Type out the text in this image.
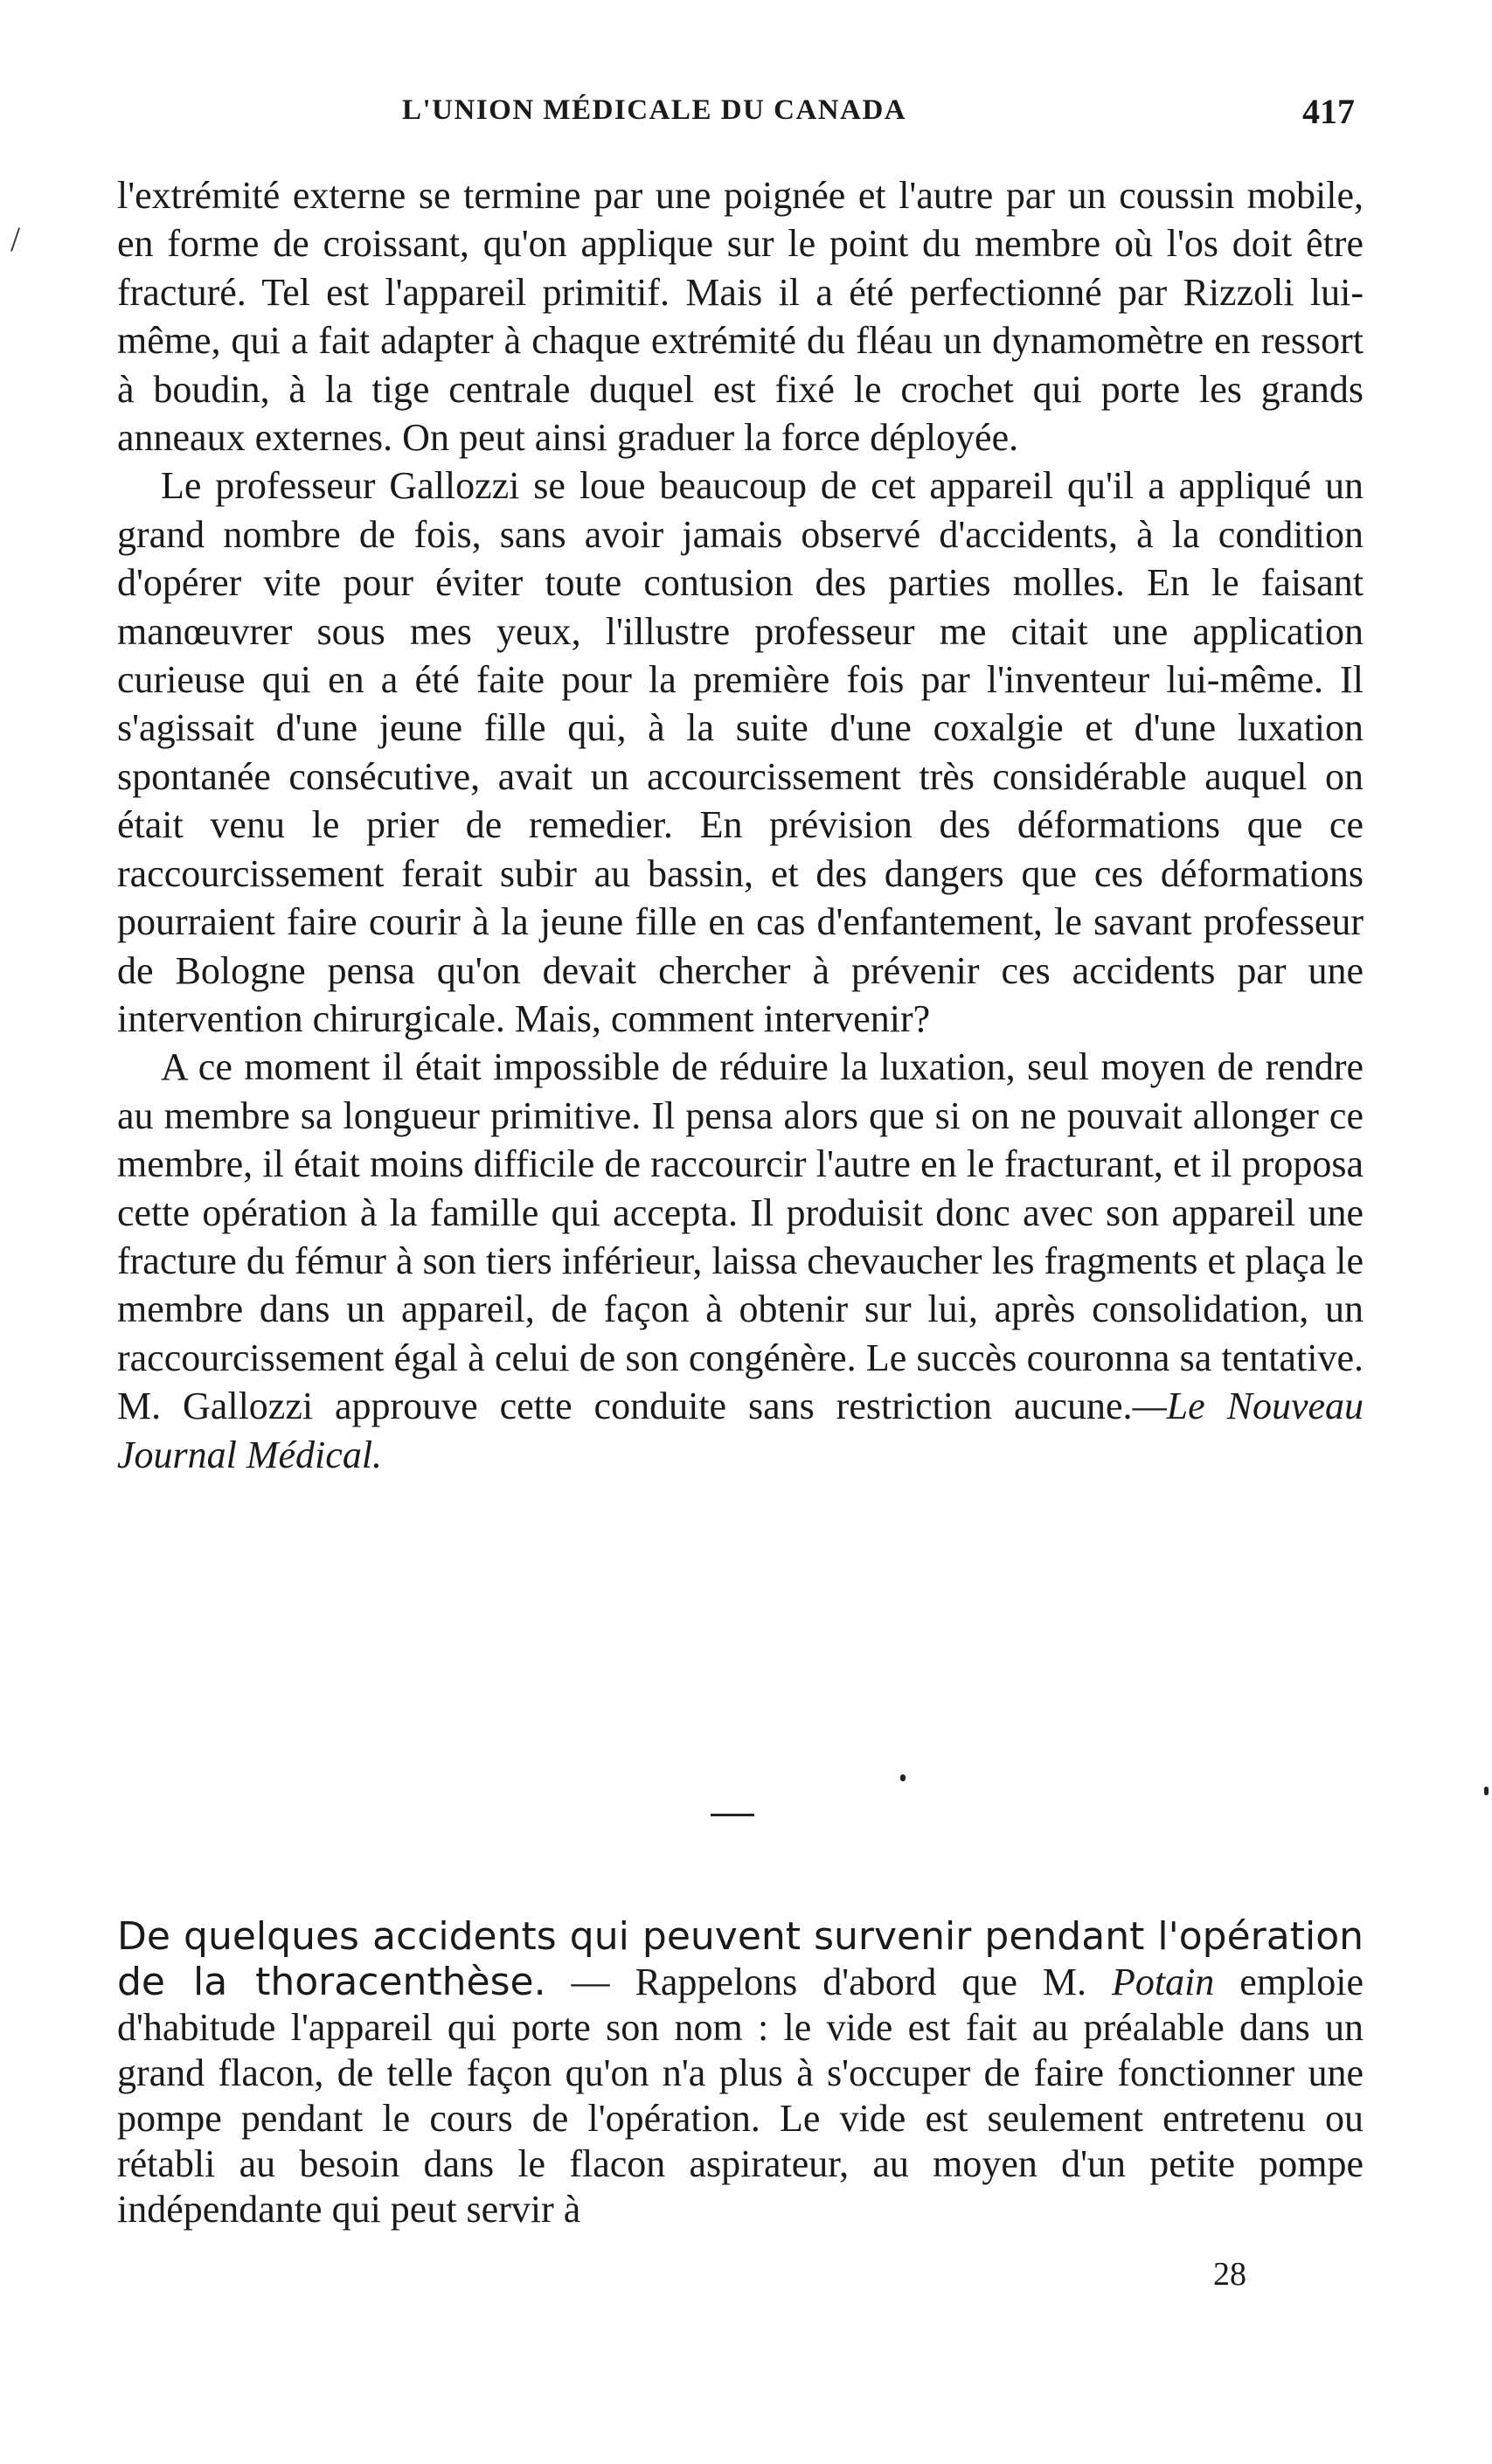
L'UNION MÉDICALE DU CANADA	417
/

l'extrémité externe se termine par une poignée et l'autre par un coussin mobile, en forme de croissant, qu'on applique sur le point du membre où l'os doit être fracturé. Tel est l'appareil primitif. Mais il a été perfectionné par Rizzoli lui-même, qui a fait adapter à chaque extrémité du fléau un dynamomètre en ressort à boudin, à la tige centrale duquel est fixé le crochet qui porte les grands anneaux externes. On peut ainsi graduer la force déployée.

Le professeur Gallozzi se loue beaucoup de cet appareil qu'il a appliqué un grand nombre de fois, sans avoir jamais observé d'accidents, à la condition d'opérer vite pour éviter toute contusion des parties molles. En le faisant manœuvrer sous mes yeux, l'illustre professeur me citait une application curieuse qui en a été faite pour la première fois par l'inventeur lui-même. Il s'agissait d'une jeune fille qui, à la suite d'une coxalgie et d'une luxation spontanée consécutive, avait un accourcissement très considérable auquel on était venu le prier de remedier. En prévision des déformations que ce raccourcissement ferait subir au bassin, et des dangers que ces déformations pourraient faire courir à la jeune fille en cas d'enfantement, le savant professeur de Bologne pensa qu'on devait chercher à prévenir ces accidents par une intervention chirurgicale. Mais, comment intervenir?

A ce moment il était impossible de réduire la luxation, seul moyen de rendre au membre sa longueur primitive. Il pensa alors que si on ne pouvait allonger ce membre, il était moins difficile de raccourcir l'autre en le fracturant, et il proposa cette opération à la famille qui accepta. Il produisit donc avec son appareil une fracture du fémur à son tiers inférieur, laissa chevaucher les fragments et plaça le membre dans un appareil, de façon à obtenir sur lui, après consolidation, un raccourcissement égal à celui de son congénère. Le succès couronna sa tentative. M. Gallozzi approuve cette conduite sans restriction aucune.—Le Nouveau Journal Médical.

De quelques accidents qui peuvent survenir pendant l'opération de la thoracenthèse. — Rappelons d'abord que M. Potain emploie d'habitude l'appareil qui porte son nom : le vide est fait au préalable dans un grand flacon, de telle façon qu'on n'a plus à s'occuper de faire fonctionner une pompe pendant le cours de l'opération. Le vide est seulement entretenu ou rétabli au besoin dans le flacon aspirateur, au moyen d'un petite pompe indépendante qui peut servir à
28
